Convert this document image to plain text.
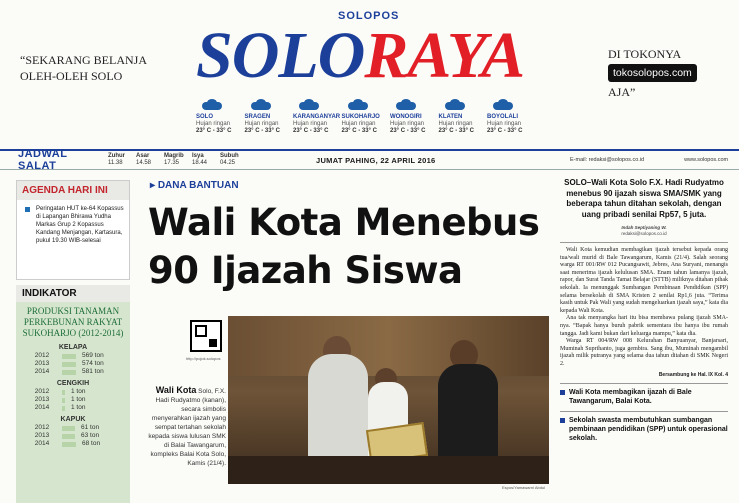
“SEKARANG BELANJA OLEH-OLEH SOLO
SOLOPOS
SOLORAYA	DI TOKONYA
tokosolopos.com
AJA”
SOLO
Hujan ringan
23° C - 33° C
SRAGEN
Hujan ringan
23° C - 33° C
KARANGANYAR
Hujan ringan
23° C - 33° C
SUKOHARJO
Hujan ringan
23° C - 33° C
WONOGIRI
Hujan ringan
23° C - 33° C
KLATEN
Hujan ringan
23° C - 33° C
BOYOLALI
Hujan ringan
23° C - 33° C
JADWAL SALAT
Zuhur
11.38
Asar
14.58
Magrib
17.35
Isya
18.44
Subuh
04.25	JUMAT PAHING, 22 APRIL 2016	E-mail: redaksi@solopos.co.id	www.solopos.com
AGENDA HARI INI
Peringatan HUT ke-64 Kopassus di Lapangan Bhirawa Yudha Markas Grup 2 Kopassus Kandang Menjangan, Kartasura, pukul 19.30 WIB-selesai
INDIKATOR
PRODUKSI TANAMAN PERKEBUNAN RAKYAT SUKOHARJO (2012-2014)
KELAPA
2012	569 ton
2013	574 ton
2014	581 ton
CENGKIH
2012	1 ton
2013	1 ton
2014	1 ton
KAPUK
2012	61 ton
2013	63 ton
2014	68 ton
▸ DANA BANTUAN
Wali Kota Menebus
90 Ijazah Siswa
http://pojok.solopos
Wali Kota Solo, F.X. Hadi Rudyatmo (kanan), secara simbolis menyerahkan ijazah yang sempat tertahan sekolah kepada siswa lulusan SMK di Balai Tawangarum, kompleks Balai Kota Solo, Kamis (21/4).
Espos/Yamawarni Abdul
SOLO–Wali Kota Solo F.X. Hadi Rudyatmo menebus 90 ijazah siswa SMA/SMK yang beberapa tahun ditahan sekolah, dengan uang pribadi senilai Rp57, 5 juta.
Indah Septiyaning W.
redaksi@solopos.co.id

Wali Kota kemudian membagikan ijazah tersebut kepada orang tua/wali murid di Bale Tawangarum, Kamis (21/4). Salah seorang warga RT 001/RW 012 Pucangsawit, Jebres, Ana Suryani, menangis saat menerima ijazah kelulusan SMA. Enam tahun lamanya ijazah, rapor, dan Surat Tanda Tamat Belajar (STTB) miliknya ditahan pihak sekolah. Ia menunggak Sumbangan Pembinaan Pendidikan (SPP) selama bersekolah di SMA Kristen 2 senilai Rp1,6 juta. “Terima kasih untuk Pak Wali yang sudah mengeluarkan ijazah saya,” kata dia kepada Wali Kota.

Ana tak menyangka hari itu bisa membawa pulang ijazah SMA-nya. “Bapak hanya buruh pabrik sementara ibu hanya ibu rumah tangga. Jadi kami bukan dari keluarga mampu,” kata dia.

Warga RT 004/RW 008 Kelurahan Banyuanyar, Banjarsari, Muminah Suprihanto, juga gembira. Sang ibu, Muminah mengambil ijazah milik putranya yang selama dua tahun ditahan di SMK Negeri 2.

Bersambung ke Hal. IX Kol. 4
Wali Kota membagikan ijazah di Bale Tawangarum, Balai Kota.
Sekolah swasta membutuhkan sumbangan pembinaan pendidikan (SPP) untuk operasional sekolah.
